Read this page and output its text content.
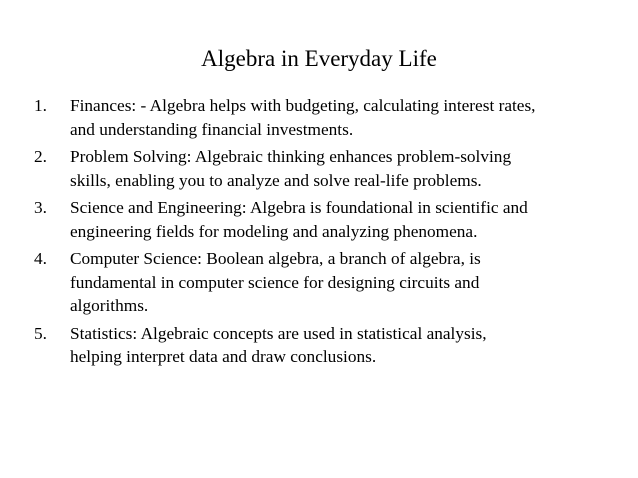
Algebra in Everyday Life
1.	Finances: - Algebra helps with budgeting, calculating interest rates,
and understanding financial investments.
2.	Problem Solving: Algebraic thinking enhances problem-solving
skills, enabling you to analyze and solve real-life problems.
3.	Science and Engineering: Algebra is foundational in scientific and
engineering fields for modeling and analyzing phenomena.
4.	Computer Science: Boolean algebra, a branch of algebra, is
fundamental in computer science for designing circuits and
algorithms.
5.	Statistics: Algebraic concepts are used in statistical analysis,
helping interpret data and draw conclusions.
